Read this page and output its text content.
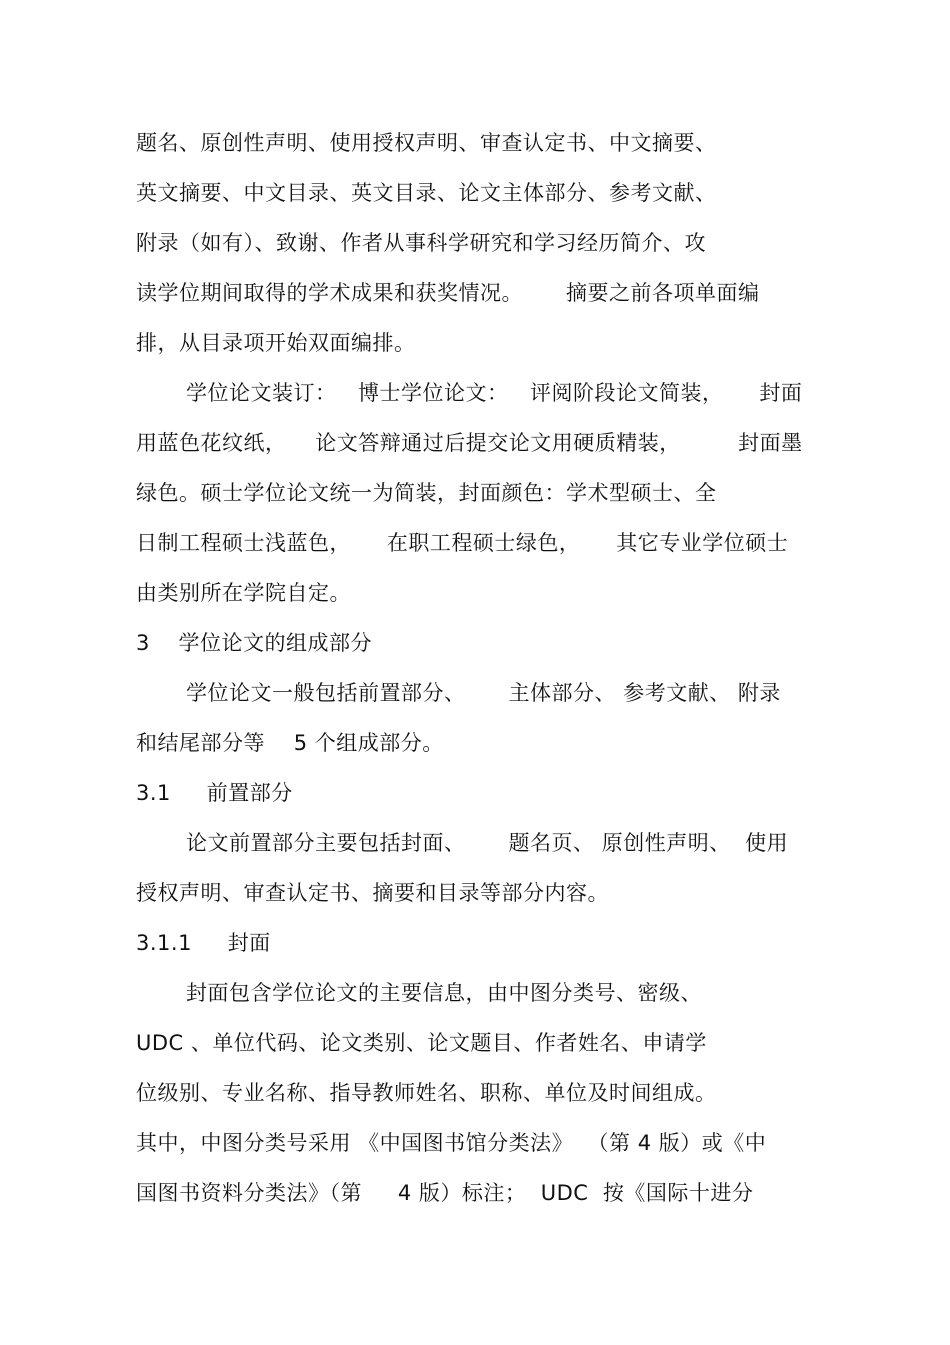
题名、原创性声明、使用授权声明、审查认定书、中文摘要、
英文摘要、中文目录、英文目录、论文主体部分、参考文献、
附录（如有）、致谢、作者从事科学研究和学习经历简介、攻
读学位期间取得的学术成果和获奖情况。      摘要之前各项单面编
排，从目录项开始双面编排。
学位论文装订：   博士学位论文：   评阅阶段论文简装，     封面
用蓝色花纹纸，    论文答辩通过后提交论文用硬质精装，        封面墨
绿色。硕士学位论文统一为简装，封面颜色：学术型硕士、全
日制工程硕士浅蓝色，     在职工程硕士绿色，     其它专业学位硕士
由类别所在学院自定。
3    学位论文的组成部分
学位论文一般包括前置部分、      主体部分、 参考文献、 附录
和结尾部分等    5 个组成部分。
3.1     前置部分
论文前置部分主要包括封面、      题名页、 原创性声明、  使用
授权声明、审查认定书、摘要和目录等部分内容。
3.1.1     封面
封面包含学位论文的主要信息，由中图分类号、密级、
UDC 、单位代码、论文类别、论文题目、作者姓名、申请学
位级别、专业名称、指导教师姓名、职称、单位及时间组成。
其中，中图分类号采用 《中国图书馆分类法》  （第 4 版）或《中
国图书资料分类法》（第     4 版）标注；  UDC  按《国际十进分
